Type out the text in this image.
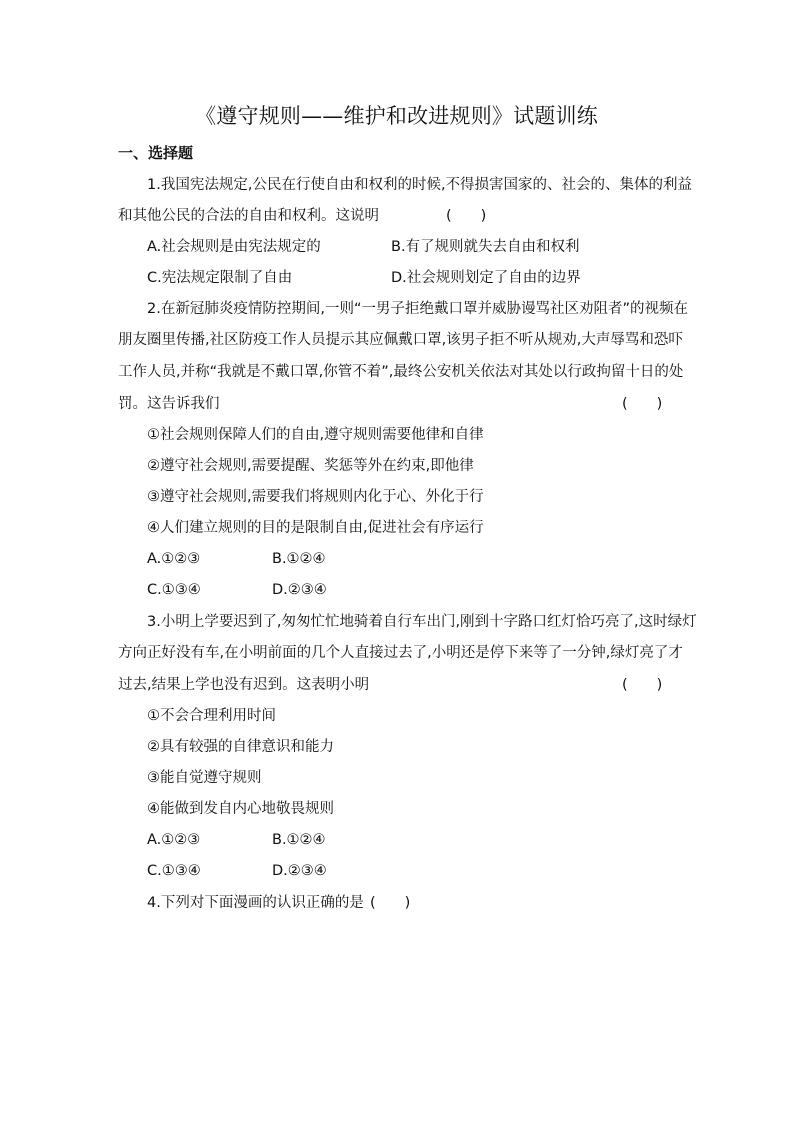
《遵守规则——维护和改进规则》试题训练
一、选择题
1.我国宪法规定,公民在行使自由和权利的时候,不得损害国家的、社会的、集体的利益
和其他公民的合法的自由和权利。这说明	(　　)
A.社会规则是由宪法规定的	B.有了规则就失去自由和权利
C.宪法规定限制了自由	D.社会规则划定了自由的边界
2.在新冠肺炎疫情防控期间,一则“一男子拒绝戴口罩并威胁谩骂社区劝阻者”的视频在
朋友圈里传播,社区防疫工作人员提示其应佩戴口罩,该男子拒不听从规劝,大声辱骂和恐吓
工作人员,并称“我就是不戴口罩,你管不着”,最终公安机关依法对其处以行政拘留十日的处
罚。这告诉我们	(　　)
①社会规则保障人们的自由,遵守规则需要他律和自律
②遵守社会规则,需要提醒、奖惩等外在约束,即他律
③遵守社会规则,需要我们将规则内化于心、外化于行
④人们建立规则的目的是限制自由,促进社会有序运行
A.①②③	B.①②④
C.①③④	D.②③④
3.小明上学要迟到了,匆匆忙忙地骑着自行车出门,刚到十字路口红灯恰巧亮了,这时绿灯
方向正好没有车,在小明前面的几个人直接过去了,小明还是停下来等了一分钟,绿灯亮了才
过去,结果上学也没有迟到。这表明小明	(　　)
①不会合理利用时间
②具有较强的自律意识和能力
③能自觉遵守规则
④能做到发自内心地敬畏规则
A.①②③	B.①②④
C.①③④	D.②③④
4.下列对下面漫画的认识正确的是 (　　)
